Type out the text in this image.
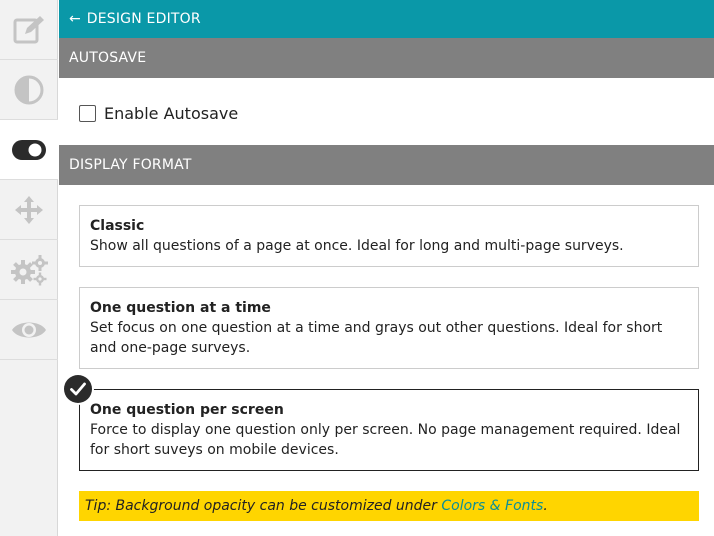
← DESIGN EDITOR
AUTOSAVE
Enable Autosave
DISPLAY FORMAT
Classic
Show all questions of a page at once. Ideal for long and multi-page surveys.
One question at a time
Set focus on one question at a time and grays out other questions. Ideal for short and one-page surveys.
One question per screen
Force to display one question only per screen. No page management required. Ideal for short suveys on mobile devices.
Tip: Background opacity can be customized under Colors & Fonts .
